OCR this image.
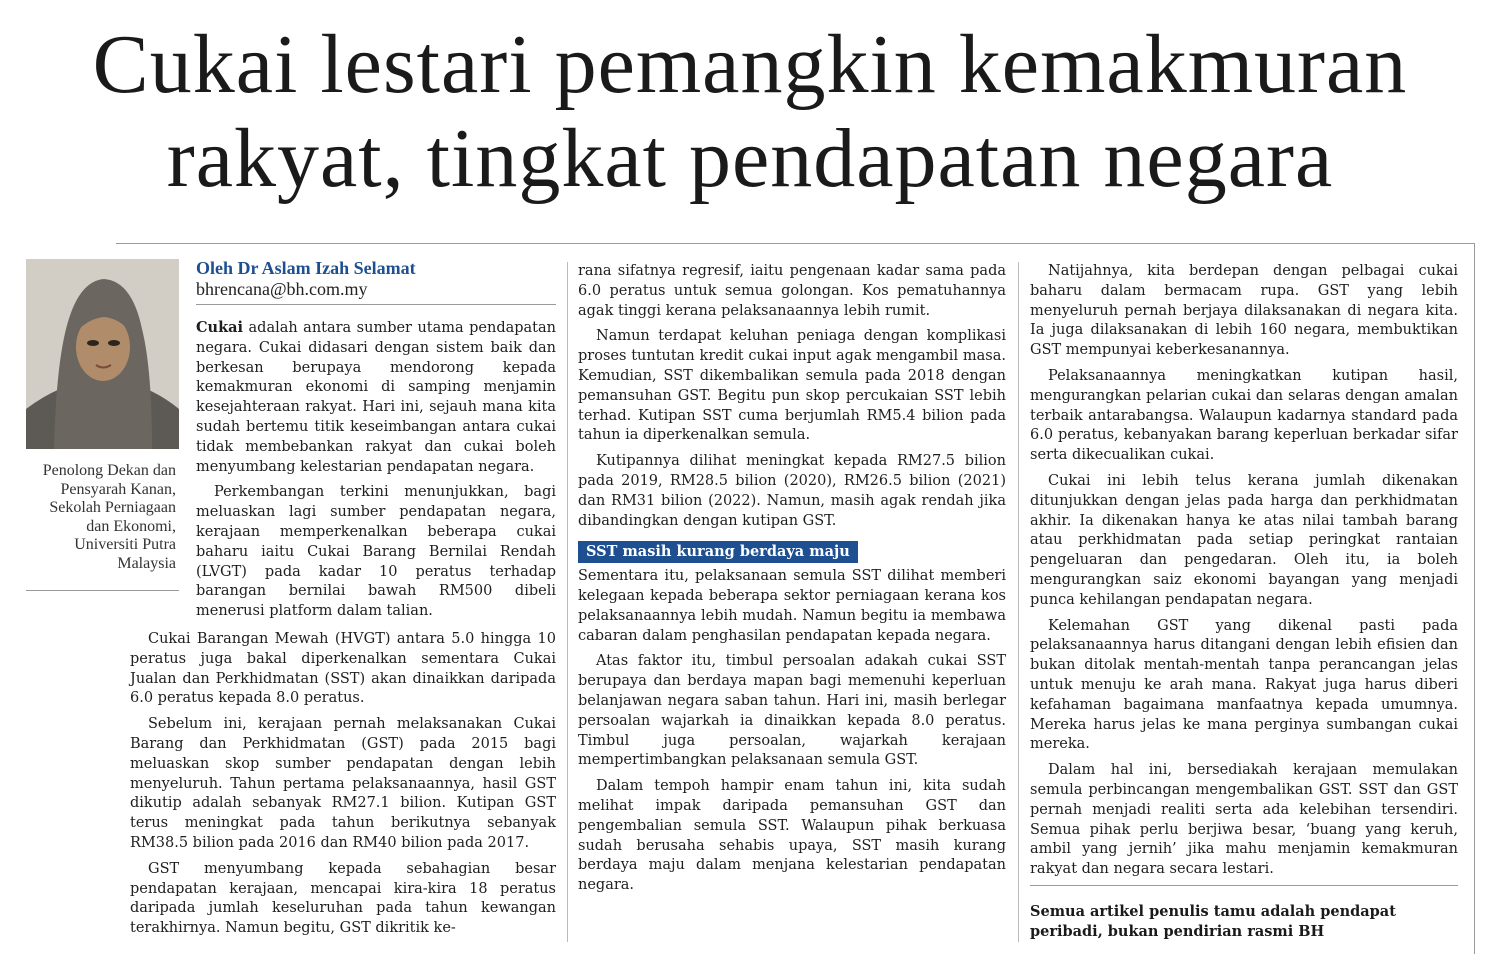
Cukai lestari pemangkin kemakmuran
rakyat, tingkat pendapatan negara
Penolong Dekan dan Pensyarah Kanan, Sekolah Perniagaan dan Ekonomi, Universiti Putra Malaysia

Oleh Dr Aslam Izah Selamat

bhrencana@bh.com.my

Cukai adalah antara sumber utama pendapatan negara. Cukai didasari dengan sistem baik dan berkesan berupaya mendorong kepada kemakmuran ekonomi di samping menjamin kesejahteraan rakyat. Hari ini, sejauh mana kita sudah bertemu titik keseimbangan antara cukai tidak membebankan rakyat dan cukai boleh menyumbang kelestarian pendapatan negara.

Perkembangan terkini menunjukkan, bagi meluaskan lagi sumber pendapatan negara, kerajaan memperkenalkan beberapa cukai baharu iaitu Cukai Barang Bernilai Rendah (LVGT) pada kadar 10 peratus terhadap barangan bernilai bawah RM500 dibeli menerusi platform dalam talian.

Cukai Barangan Mewah (HVGT) antara 5.0 hingga 10 peratus juga bakal diperkenalkan sementara Cukai Jualan dan Perkhidmatan (SST) akan dinaikkan daripada 6.0 peratus kepada 8.0 peratus.

Sebelum ini, kerajaan pernah melaksanakan Cukai Barang dan Perkhidmatan (GST) pada 2015 bagi meluaskan skop sumber pendapatan dengan lebih menyeluruh. Tahun pertama pelaksanaannya, hasil GST dikutip adalah sebanyak RM27.1 bilion. Kutipan GST terus meningkat pada tahun berikutnya sebanyak RM38.5 bilion pada 2016 dan RM40 bilion pada 2017.

GST menyumbang kepada sebahagian besar pendapatan kerajaan, mencapai kira-kira 18 peratus daripada jumlah keseluruhan pada tahun kewangan terakhirnya. Namun begitu, GST dikritik ke-

rana sifatnya regresif, iaitu pengenaan kadar sama pada 6.0 peratus untuk semua golongan. Kos pematuhannya agak tinggi kerana pelaksanaannya lebih rumit.

Namun terdapat keluhan peniaga dengan komplikasi proses tuntutan kredit cukai input agak mengambil masa. Kemudian, SST dikembalikan semula pada 2018 dengan pemansuhan GST. Begitu pun skop percukaian SST lebih terhad. Kutipan SST cuma berjumlah RM5.4 bilion pada tahun ia diperkenalkan semula.

Kutipannya dilihat meningkat kepada RM27.5 bilion pada 2019, RM28.5 bilion (2020), RM26.5 bilion (2021) dan RM31 bilion (2022). Namun, masih agak rendah jika dibandingkan dengan kutipan GST.

SST masih kurang berdaya maju

Sementara itu, pelaksanaan semula SST dilihat memberi kelegaan kepada beberapa sektor perniagaan kerana kos pelaksanaannya lebih mudah. Namun begitu ia membawa cabaran dalam penghasilan pendapatan kepada negara.

Atas faktor itu, timbul persoalan adakah cukai SST berupaya dan berdaya mapan bagi memenuhi keperluan belanjawan negara saban tahun. Hari ini, masih berlegar persoalan wajarkah ia dinaikkan kepada 8.0 peratus. Timbul juga persoalan, wajarkah kerajaan mempertimbangkan pelaksanaan semula GST.

Dalam tempoh hampir enam tahun ini, kita sudah melihat impak daripada pemansuhan GST dan pengembalian semula SST. Walaupun pihak berkuasa sudah berusaha sehabis upaya, SST masih kurang berdaya maju dalam menjana kelestarian pendapatan negara.

Natijahnya, kita berdepan dengan pelbagai cukai baharu dalam bermacam rupa. GST yang lebih menyeluruh pernah berjaya dilaksanakan di negara kita. Ia juga dilaksanakan di lebih 160 negara, membuktikan GST mempunyai keberkesanannya.

Pelaksanaannya meningkatkan kutipan hasil, mengurangkan pelarian cukai dan selaras dengan amalan terbaik antarabangsa. Walaupun kadarnya standard pada 6.0 peratus, kebanyakan barang keperluan berkadar sifar serta dikecualikan cukai.

Cukai ini lebih telus kerana jumlah dikenakan ditunjukkan dengan jelas pada harga dan perkhidmatan akhir. Ia dikenakan hanya ke atas nilai tambah barang atau perkhidmatan pada setiap peringkat rantaian pengeluaran dan pengedaran. Oleh itu, ia boleh mengurangkan saiz ekonomi bayangan yang menjadi punca kehilangan pendapatan negara.

Kelemahan GST yang dikenal pasti pada pelaksanaannya harus ditangani dengan lebih efisien dan bukan ditolak mentah-mentah tanpa perancangan jelas untuk menuju ke arah mana. Rakyat juga harus diberi kefahaman bagaimana manfaatnya kepada umumnya. Mereka harus jelas ke mana perginya sumbangan cukai mereka.

Dalam hal ini, bersediakah kerajaan memulakan semula perbincangan mengembalikan GST. SST dan GST pernah menjadi realiti serta ada kelebihan tersendiri. Semua pihak perlu berjiwa besar, ‘buang yang keruh, ambil yang jernih’ jika mahu menjamin kemakmuran rakyat dan negara secara lestari.

Semua artikel penulis tamu adalah pendapat peribadi, bukan pendirian rasmi BH
